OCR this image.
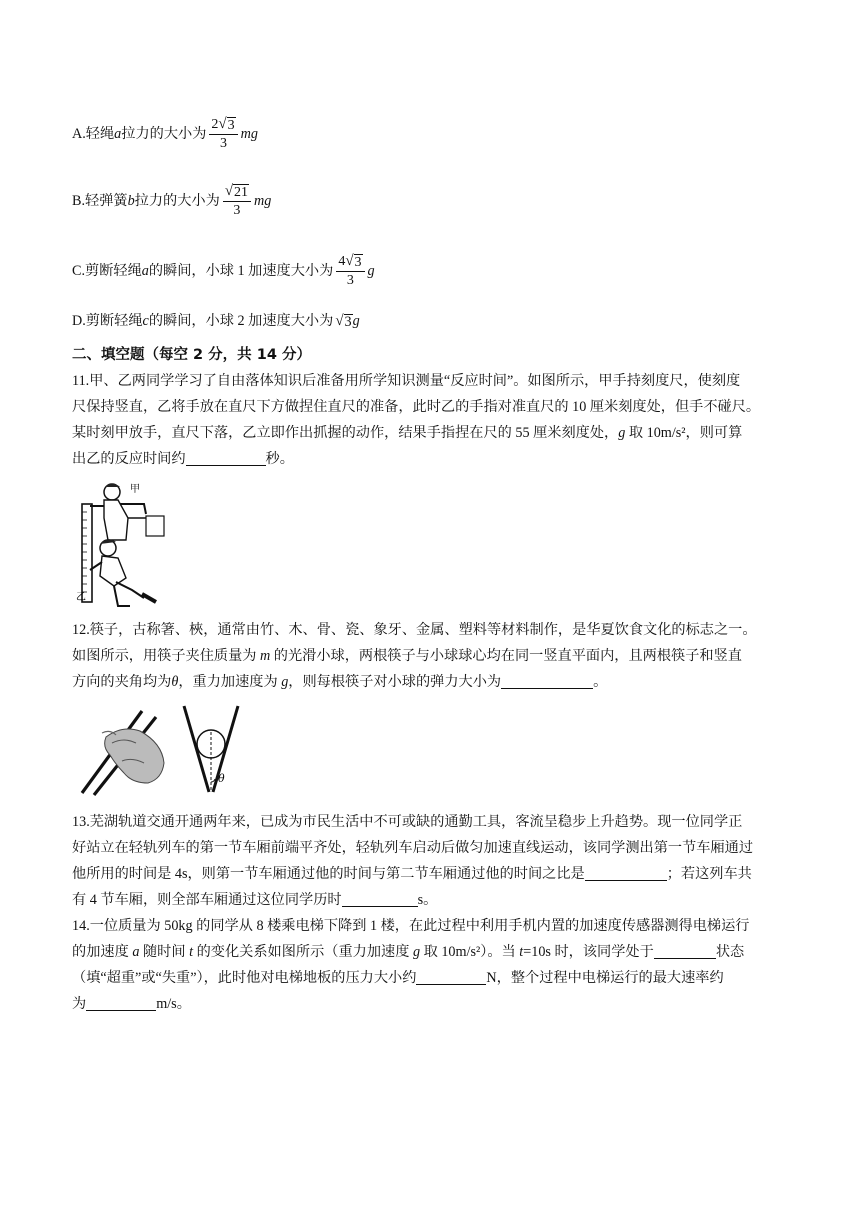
A.轻绳 a 拉力的大小为 $\frac{2 √ 3}{3}$ mg
B.轻弹簧 b 拉力的大小为 $\frac{√ 21}{3}$ mg
C.剪断轻绳 a 的瞬间，小球 1 加速度大小为 $\frac{4 √ 3}{3}$ g
D.剪断轻绳 c 的瞬间，小球 2 加速度大小为 √ 3 g
二、填空题（每空 2 分，共 14 分）
11.甲、乙两同学学习了自由落体知识后准备用所学知识测量“反应时间”。如图所示，甲手持刻度尺，使刻度
尺保持竖直，乙将手放在直尺下方做捏住直尺的准备，此时乙的手指对准直尺的 10 厘米刻度处，但手不碰尺。
某时刻甲放手，直尺下落，乙立即作出抓握的动作，结果手指捏在尺的 55 厘米刻度处，g 取 10m/s²，则可算
出乙的反应时间约	秒。
甲
乙
12.筷子，古称箸、梜，通常由竹、木、骨、瓷、象牙、金属、塑料等材料制作，是华夏饮食文化的标志之一。
如图所示，用筷子夹住质量为 m 的光滑小球，两根筷子与小球球心均在同一竖直平面内，且两根筷子和竖直
方向的夹角均为θ，重力加速度为 g，则每根筷子对小球的弹力大小为	。
θ
13.芜湖轨道交通开通两年来，已成为市民生活中不可或缺的通勤工具，客流呈稳步上升趋势。现一位同学正
好站立在轻轨列车的第一节车厢前端平齐处，轻轨列车启动后做匀加速直线运动，该同学测出第一节车厢通过
他所用的时间是 4s，则第一节车厢通过他的时间与第二节车厢通过他的时间之比是	；若这列车共
有 4 节车厢，则全部车厢通过这位同学历时	s。
14.一位质量为 50kg 的同学从 8 楼乘电梯下降到 1 楼，在此过程中利用手机内置的加速度传感器测得电梯运行
的加速度 a 随时间 t 的变化关系如图所示（重力加速度 g 取 10m/s²）。当 t=10s 时，该同学处于	状态
（填“超重”或“失重”），此时他对电梯地板的压力大小约	N，整个过程中电梯运行的最大速率约
为	m/s。
